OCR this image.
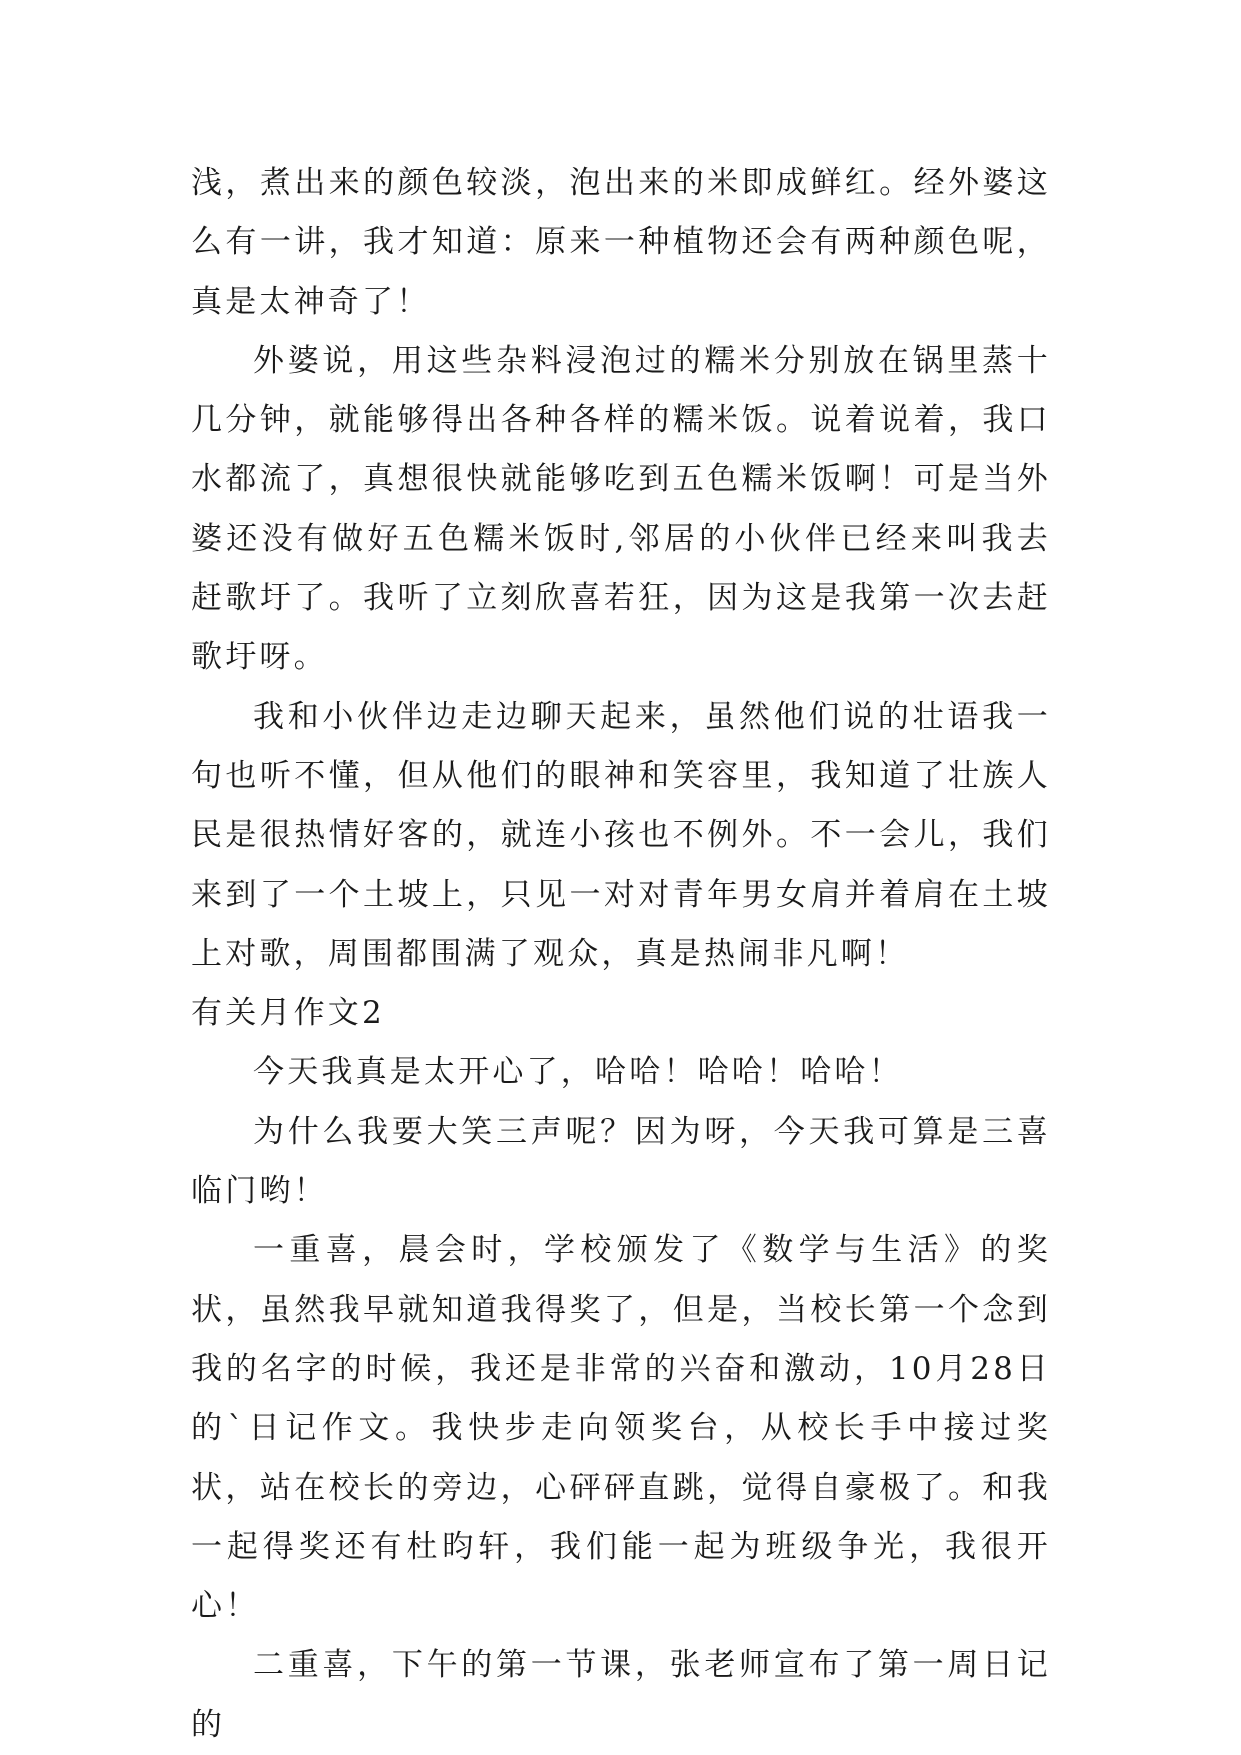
浅，煮出来的颜色较淡，泡出来的米即成鲜红。经外婆这么有一讲，我才知道：原来一种植物还会有两种颜色呢，真是太神奇了！

外婆说，用这些杂料浸泡过的糯米分别放在锅里蒸十几分钟，就能够得出各种各样的糯米饭。说着说着，我口水都流了，真想很快就能够吃到五色糯米饭啊！可是当外婆还没有做好五色糯米饭时,邻居的小伙伴已经来叫我去赶歌圩了。我听了立刻欣喜若狂，因为这是我第一次去赶歌圩呀。

我和小伙伴边走边聊天起来，虽然他们说的壮语我一句也听不懂，但从他们的眼神和笑容里，我知道了壮族人民是很热情好客的，就连小孩也不例外。不一会儿，我们来到了一个土坡上，只见一对对青年男女肩并着肩在土坡上对歌，周围都围满了观众，真是热闹非凡啊！

有关月作文2

今天我真是太开心了，哈哈！哈哈！哈哈！

为什么我要大笑三声呢？因为呀，今天我可算是三喜临门哟！

一重喜，晨会时，学校颁发了《数学与生活》的奖状，虽然我早就知道我得奖了，但是，当校长第一个念到我的名字的时候，我还是非常的兴奋和激动，10月28日的`日记作文。我快步走向领奖台，从校长手中接过奖状，站在校长的旁边，心砰砰直跳，觉得自豪极了。和我一起得奖还有杜昀轩，我们能一起为班级争光，我很开心！

二重喜，下午的第一节课，张老师宣布了第一周日记的
